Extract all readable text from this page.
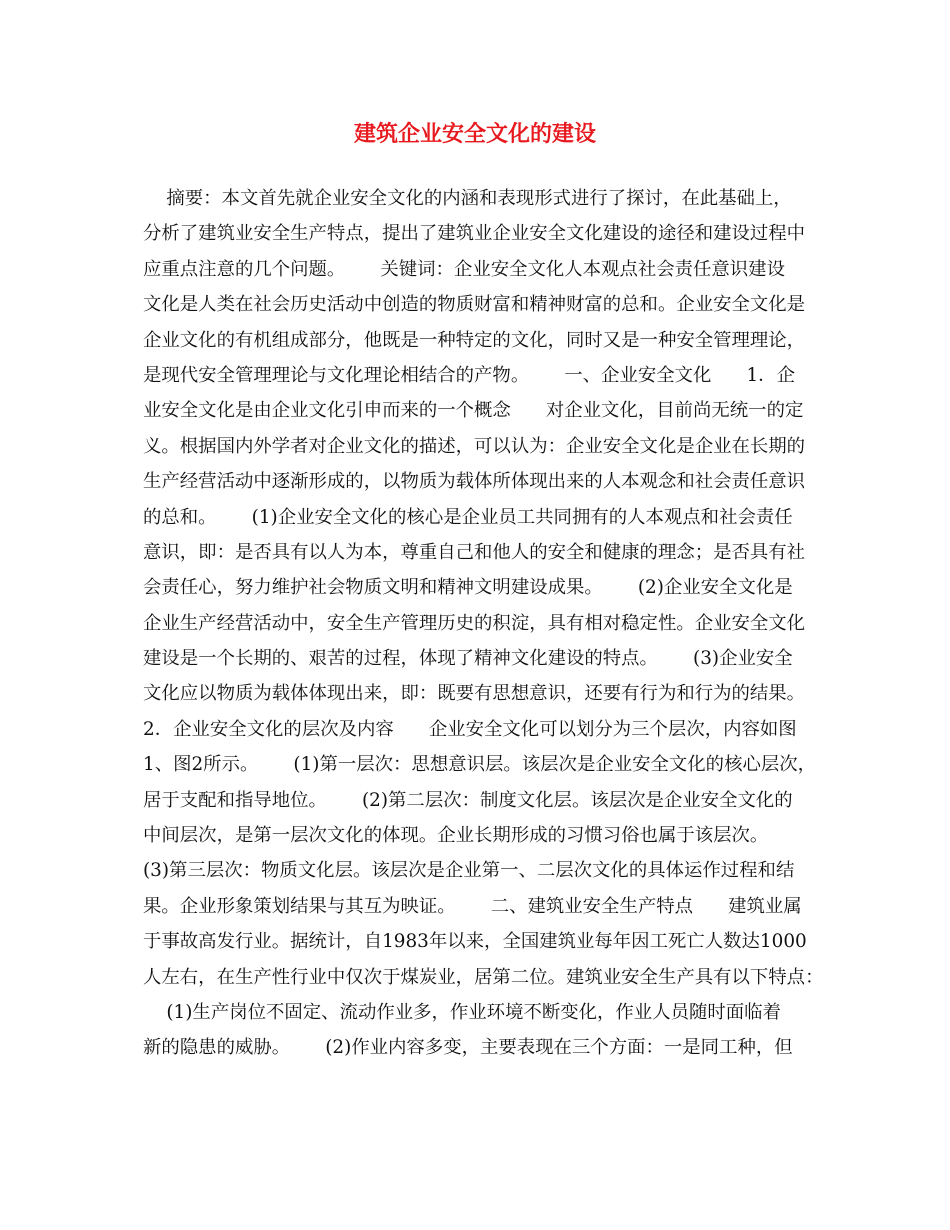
建筑企业安全文化的建设
摘要：本文首先就企业安全文化的内涵和表现形式进行了探讨，在此基础上，
分析了建筑业安全生产特点，提出了建筑业企业安全文化建设的途径和建设过程中
应重点注意的几个问题。      关键词：企业安全文化人本观点社会责任意识建设
文化是人类在社会历史活动中创造的物质财富和精神财富的总和。企业安全文化是
企业文化的有机组成部分，他既是一种特定的文化，同时又是一种安全管理理论，
是现代安全管理理论与文化理论相结合的产物。      一、企业安全文化      1．企
业安全文化是由企业文化引申而来的一个概念      对企业文化，目前尚无统一的定
义。根据国内外学者对企业文化的描述，可以认为：企业安全文化是企业在长期的
生产经营活动中逐渐形成的，以物质为载体所体现出来的人本观念和社会责任意识
的总和。      (1)企业安全文化的核心是企业员工共同拥有的人本观点和社会责任
意识，即：是否具有以人为本，尊重自己和他人的安全和健康的理念；是否具有社
会责任心，努力维护社会物质文明和精神文明建设成果。      (2)企业安全文化是
企业生产经营活动中，安全生产管理历史的积淀，具有相对稳定性。企业安全文化
建设是一个长期的、艰苦的过程，体现了精神文化建设的特点。      (3)企业安全
文化应以物质为载体体现出来，即：既要有思想意识，还要有行为和行为的结果。
2．企业安全文化的层次及内容      企业安全文化可以划分为三个层次，内容如图
1、图2所示。      (1)第一层次：思想意识层。该层次是企业安全文化的核心层次，
居于支配和指导地位。      (2)第二层次：制度文化层。该层次是企业安全文化的
中间层次，是第一层次文化的体现。企业长期形成的习惯习俗也属于该层次。
(3)第三层次：物质文化层。该层次是企业第一、二层次文化的具体运作过程和结
果。企业形象策划结果与其互为映证。      二、建筑业安全生产特点      建筑业属
于事故高发行业。据统计，自1983年以来，全国建筑业每年因工死亡人数达1000
人左右，在生产性行业中仅次于煤炭业，居第二位。建筑业安全生产具有以下特点：
(1)生产岗位不固定、流动作业多，作业环境不断变化，作业人员随时面临着
新的隐患的威胁。      (2)作业内容多变，主要表现在三个方面：一是同工种，但
